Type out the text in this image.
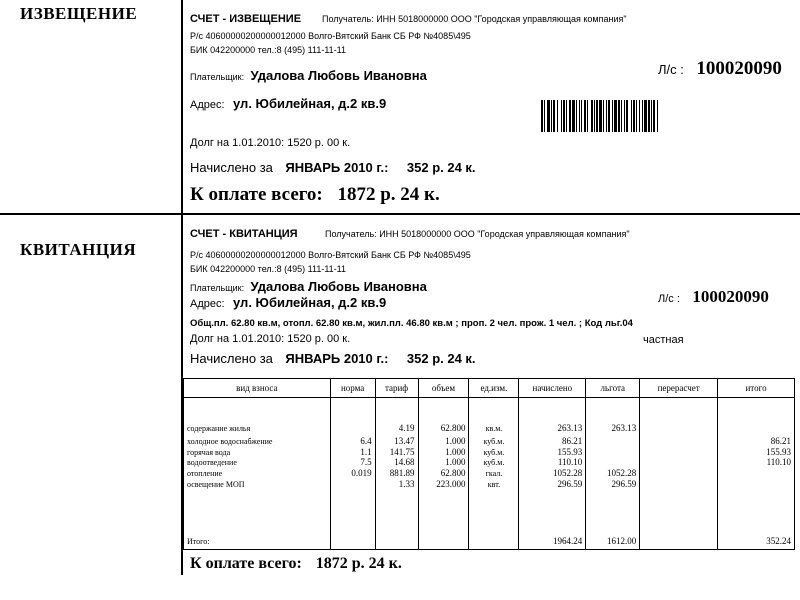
ИЗВЕЩЕНИЕ	СЧЕТ - ИЗВЕЩЕНИЕ Получатель: ИНН 5018000000 ООО "Городская управляющая компания"
Р/с 40600000200000012000 Волго-Вятский Банк СБ РФ №4085\495
БИК 042200000 тел.:8 (495) 111-11-11
Плательщик: Удалова Любовь Ивановна	Л/с : 100020090
Адрес: ул. Юбилейная, д.2 кв.9
Долг на 1.01.2010: 1520 р. 00 к.
Начислено за ЯНВАРЬ 2010 г.: 352 р. 24 к.
К оплате всего: 1872 р. 24 к.
КВИТАНЦИЯ
СЧЕТ - КВИТАНЦИЯ	Получатель: ИНН 5018000000 ООО "Городская управляющая компания"
Р/с 40600000200000012000 Волго-Вятский Банк СБ РФ №4085\495
БИК 042200000 тел.:8 (495) 111-11-11
Плательщик: Удалова Любовь Ивановна
Адрес: ул. Юбилейная, д.2 кв.9	Л/с : 100020090
Общ.пл. 62.80 кв.м, отопл. 62.80 кв.м, жил.пл. 46.80 кв.м ; проп. 2 чел. прож. 1 чел. ; Код льг.04
частная
Долг на 1.01.2010: 1520 р. 00 к.
Начислено за ЯНВАРЬ 2010 г.: 352 р. 24 к.
вид взноса	норма	тариф	объем	ед.изм.	начислено	льгота	перерасчет	итого
содержание жилья		4.19	62.800	кв.м.	263.13	263.13		
холодное водоснабжение	6.4	13.47	1.000	куб.м.	86.21			86.21
горячая вода	1.1	141.75	1.000	куб.м.	155.93			155.93
водоотведение	7.5	14.68	1.000	куб.м.	110.10			110.10
отопление	0.019	881.89	62.800	гкал.	1052.28	1052.28		
освещение МОП		1.33	223.000	квт.	296.59	296.59		

Итого:					1964.24	1612.00		352.24
К оплате всего: 1872 р. 24 к.
